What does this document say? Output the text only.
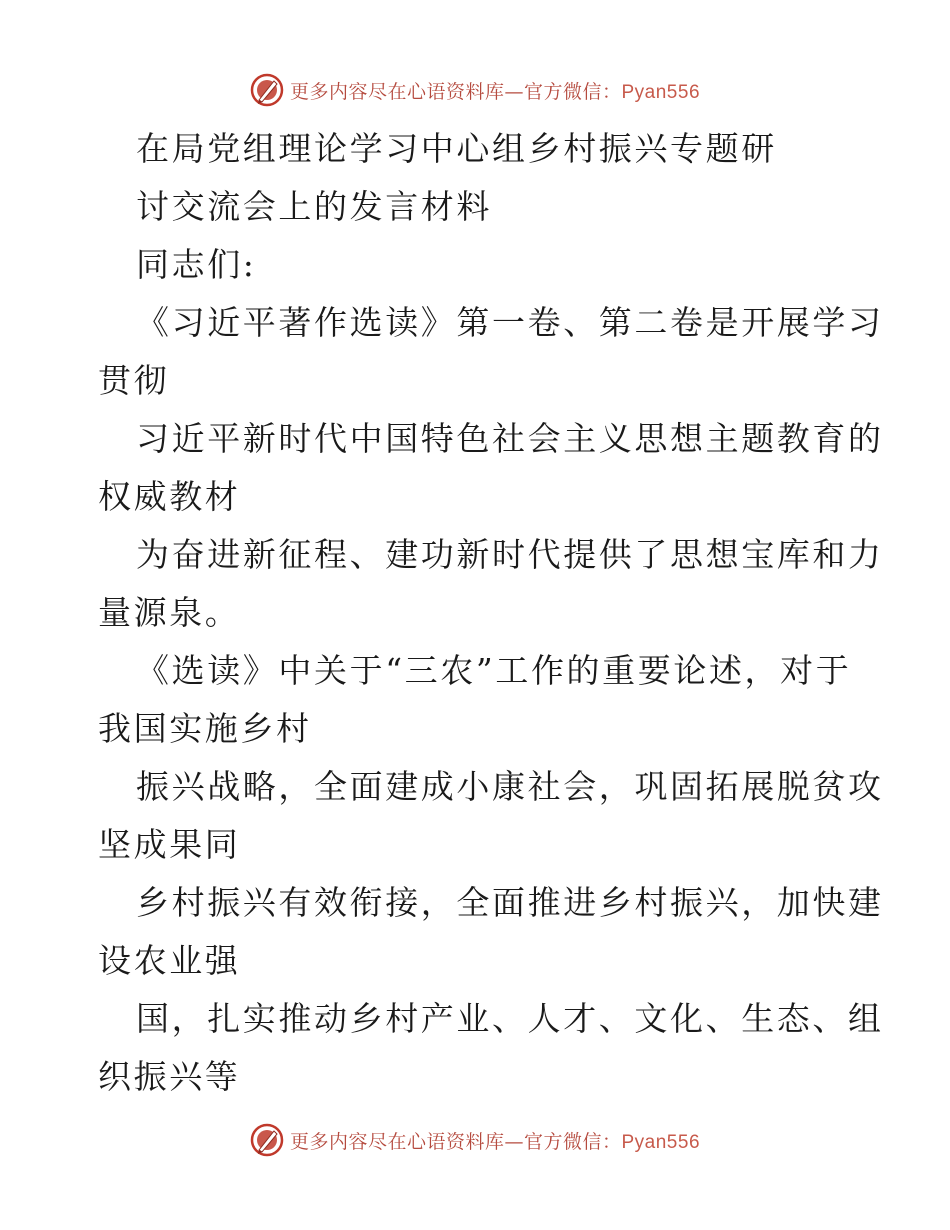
更多内容尽在心语资料库—官方微信：Pyan556
在局党组理论学习中心组乡村振兴专题研
讨交流会上的发言材料
同志们:
《习近平著作选读》第一卷、第二卷是开展学习
贯彻
习近平新时代中国特色社会主义思想主题教育的
权威教材
为奋进新征程、建功新时代提供了思想宝库和力
量源泉。
《选读》中关于“三农”工作的重要论述，对于
我国实施乡村
振兴战略，全面建成小康社会，巩固拓展脱贫攻
坚成果同
乡村振兴有效衔接，全面推进乡村振兴，加快建
设农业强
国，扎实推动乡村产业、人才、文化、生态、组
织振兴等
更多内容尽在心语资料库—官方微信：Pyan556
